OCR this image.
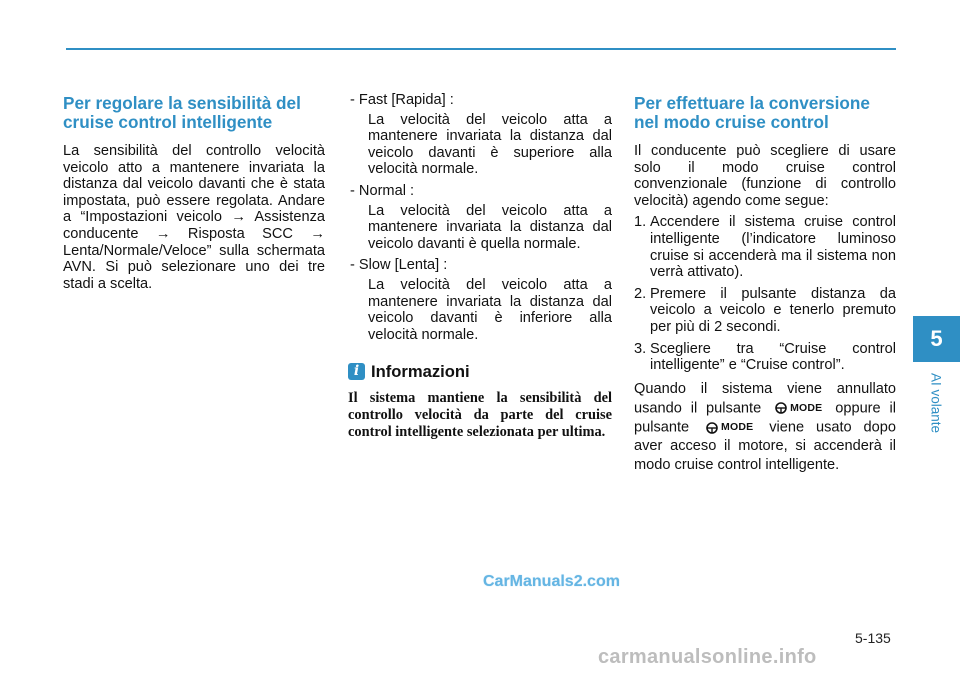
Per regolare la sensibilità del cruise control intelligente

La sensibilità del controllo velocità veicolo atto a mantenere invariata la distanza dal veicolo davanti che è stata impostata, può essere regolata. Andare a “Impostazioni veicolo → Assistenza conducente → Risposta SCC → Lenta/Normale/Veloce” sulla schermata AVN. Si può selezionare uno dei tre stadi a scelta.

- Fast [Rapida] :
La velocità del veicolo atta a mantenere invariata la distanza dal veicolo davanti è superiore alla velocità normale.
- Normal :
La velocità del veicolo atta a mantenere invariata la distanza dal veicolo davanti è quella normale.
- Slow [Lenta] :
La velocità del veicolo atta a mantenere invariata la distanza dal veicolo davanti è inferiore alla velocità normale.
i Informazioni
Il sistema mantiene la sensibilità del controllo velocità da parte del cruise control intelligente selezionata per ultima.
Per effettuare la conversione nel modo cruise control

Il conducente può scegliere di usare solo il modo cruise control convenzionale (funzione di controllo velocità) agendo come segue:

1. Accendere il sistema cruise control intelligente (l’indicatore luminoso cruise si accenderà ma il sistema non verrà attivato).
2. Premere il pulsante distanza da veicolo a veicolo e tenerlo premuto per più di 2 secondi.
3. Scegliere tra “Cruise control intelligente” e “Cruise control”.

Quando il sistema viene annullato usando il pulsante	MODE oppure il pulsante	MODE viene usato dopo aver acceso il motore, si accenderà il modo cruise control intelligente.

5
AI volante
5-135
CarManuals2.com
carmanualsonline.info
